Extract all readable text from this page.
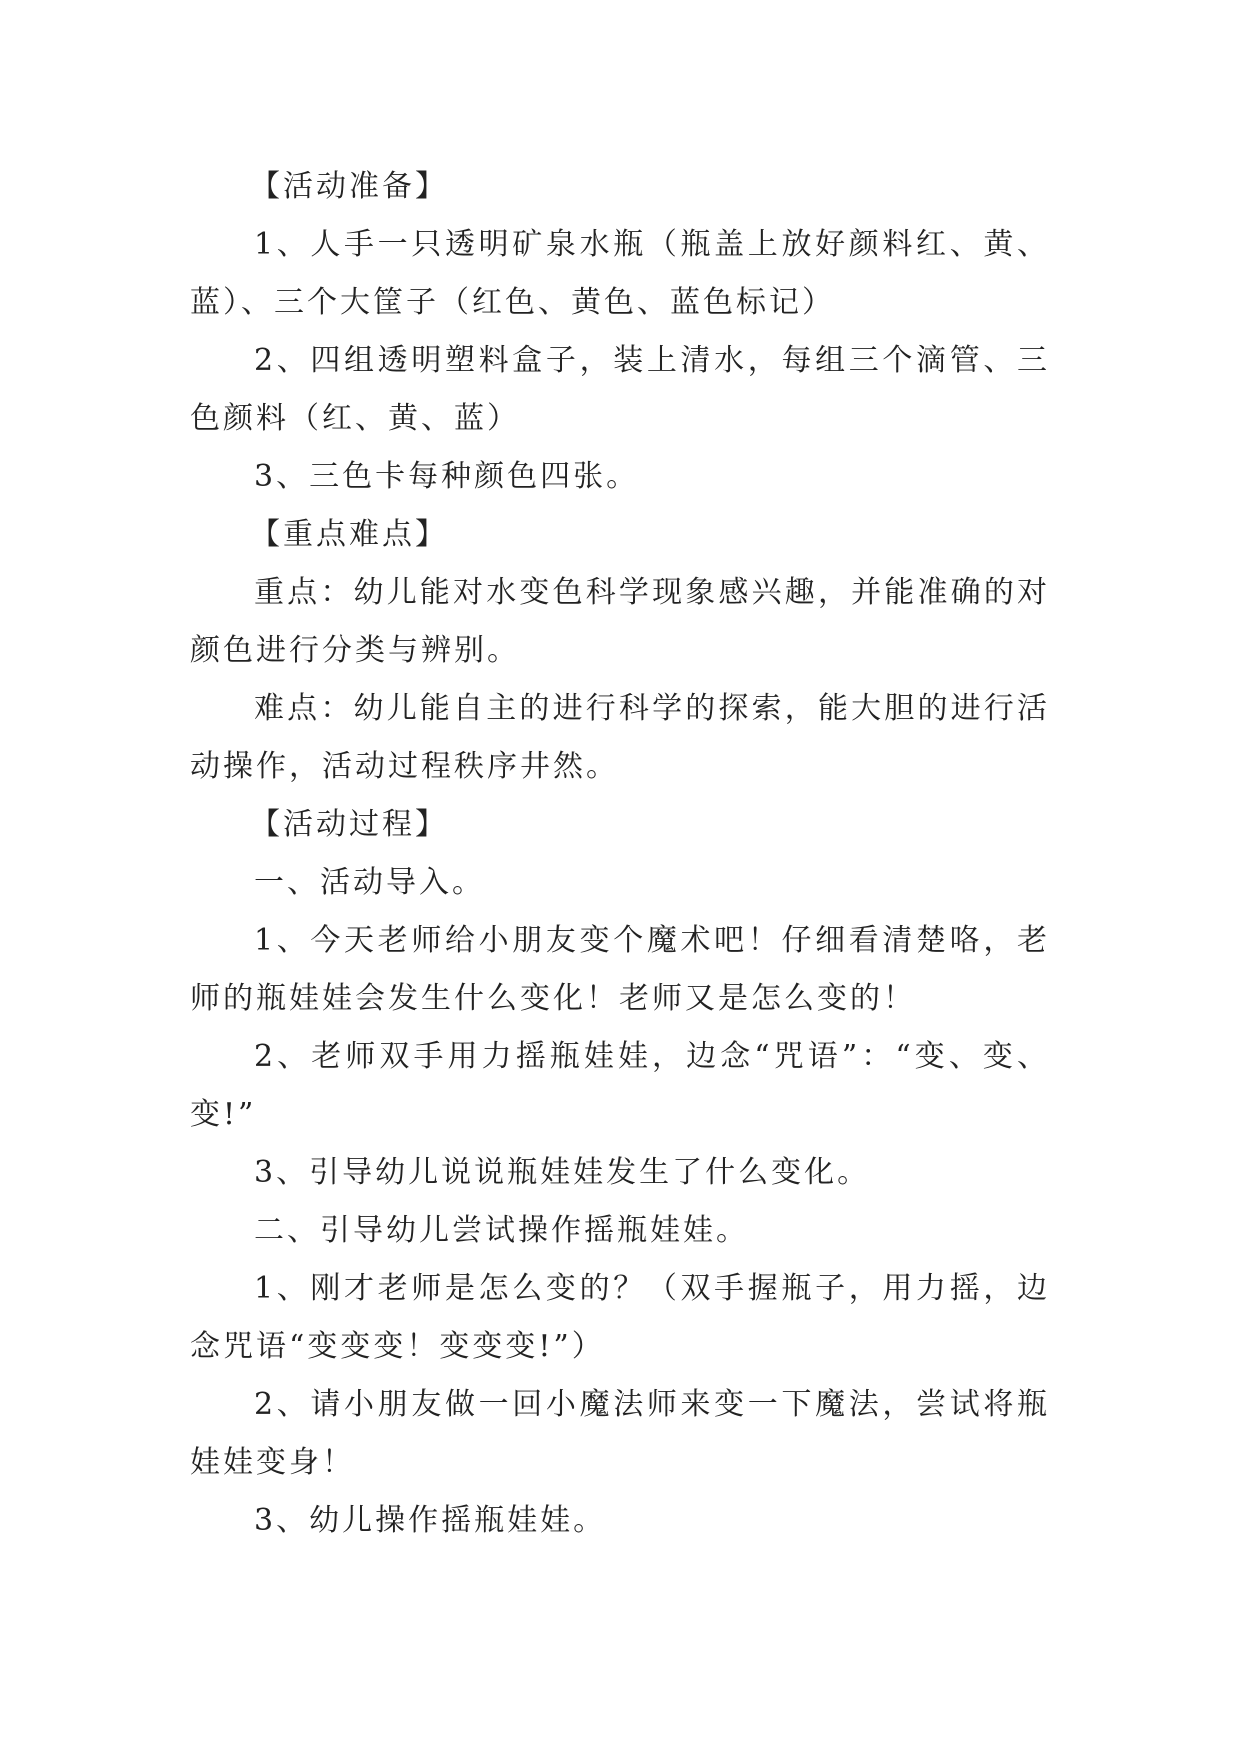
【活动准备】

1、人手一只透明矿泉水瓶（瓶盖上放好颜料红、黄、蓝）、三个大筐子（红色、黄色、蓝色标记）

2、四组透明塑料盒子，装上清水，每组三个滴管、三色颜料（红、黄、蓝）

3、三色卡每种颜色四张。

【重点难点】

重点：幼儿能对水变色科学现象感兴趣，并能准确的对颜色进行分类与辨别。

难点：幼儿能自主的进行科学的探索，能大胆的进行活动操作，活动过程秩序井然。

【活动过程】

一、活动导入。

1、今天老师给小朋友变个魔术吧！仔细看清楚咯，老师的瓶娃娃会发生什么变化！老师又是怎么变的！

2、老师双手用力摇瓶娃娃，边念“咒语”：“变、变、变!”

3、引导幼儿说说瓶娃娃发生了什么变化。

二、引导幼儿尝试操作摇瓶娃娃。

1、刚才老师是怎么变的？（双手握瓶子，用力摇，边念咒语“变变变！变变变!”）

2、请小朋友做一回小魔法师来变一下魔法，尝试将瓶娃娃变身！

3、幼儿操作摇瓶娃娃。
